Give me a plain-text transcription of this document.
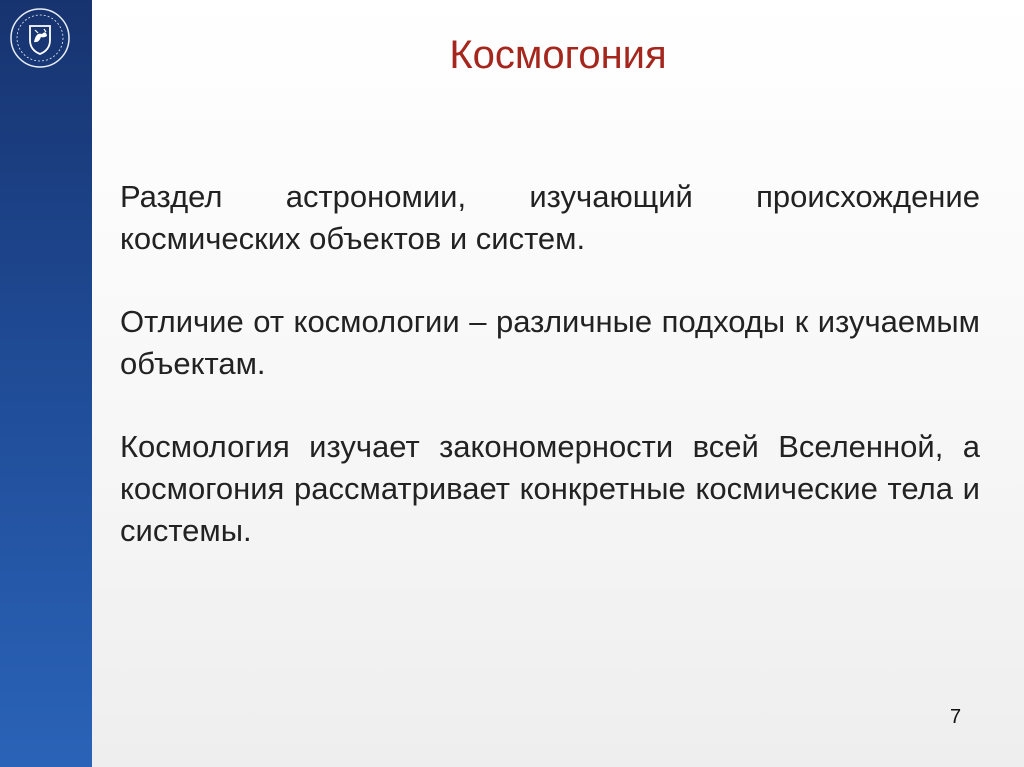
Космогония

Раздел астрономии, изучающий происхождение космических объектов и систем.

Отличие от космологии – различные подходы к изучаемым объектам.

Космология изучает закономерности всей Вселенной, а космогония рассматривает конкретные космические тела и системы.

7
